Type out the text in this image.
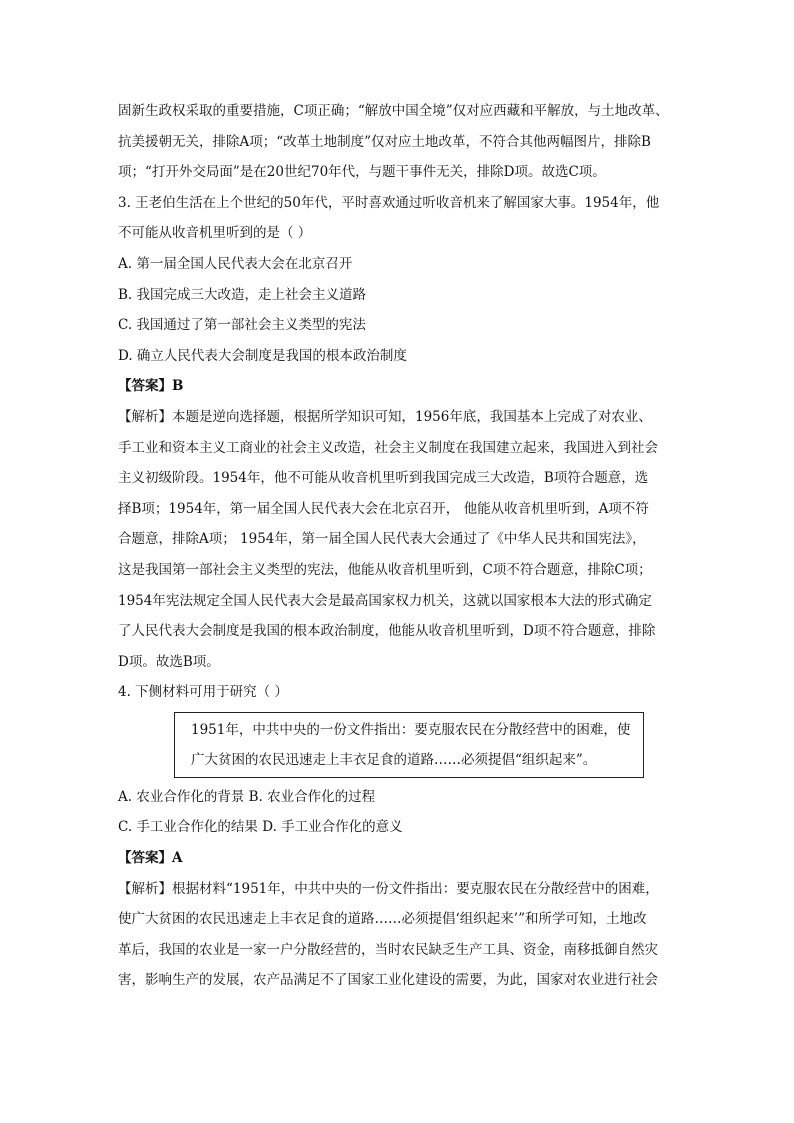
固新生政权采取的重要措施，C项正确；“解放中国全境”仅对应西藏和平解放，与土地改革、
抗美援朝无关，排除A项；“改革土地制度”仅对应土地改革，不符合其他两幅图片，排除B
项；“打开外交局面”是在20世纪70年代，与题干事件无关，排除D项。故选C项。
3. 王老伯生活在上个世纪的50年代，平时喜欢通过听收音机来了解国家大事。1954年，他
不可能从收音机里听到的是（ ）
A. 第一届全国人民代表大会在北京召开
B. 我国完成三大改造，走上社会主义道路
C. 我国通过了第一部社会主义类型的宪法
D. 确立人民代表大会制度是我国的根本政治制度
【答案】B
【解析】本题是逆向选择题，根据所学知识可知，1956年底，我国基本上完成了对农业、
手工业和资本主义工商业的社会主义改造，社会主义制度在我国建立起来，我国进入到社会
主义初级阶段。1954年，他不可能从收音机里听到我国完成三大改造，B项符合题意，选
择B项；1954年，第一届全国人民代表大会在北京召开， 他能从收音机里听到，A项不符
合题意，排除A项； 1954年，第一届全国人民代表大会通过了《中华人民共和国宪法》，
这是我国第一部社会主义类型的宪法，他能从收音机里听到，C项不符合题意，排除C项；
1954年宪法规定全国人民代表大会是最高国家权力机关，这就以国家根本大法的形式确定
了人民代表大会制度是我国的根本政治制度，他能从收音机里听到，D项不符合题意，排除
D项。故选B项。
4. 下侧材料可用于研究（ ）
1951年，中共中央的一份文件指出：要克服农民在分散经营中的困难，使
广大贫困的农民迅速走上丰衣足食的道路……必须提倡“组织起来”。
A. 农业合作化的背景 B. 农业合作化的过程
C. 手工业合作化的结果 D. 手工业合作化的意义
【答案】A
【解析】根据材料“1951年，中共中央的一份文件指出：要克服农民在分散经营中的困难，
使广大贫困的农民迅速走上丰衣足食的道路……必须提倡‘组织起来’”和所学可知，土地改
革后，我国的农业是一家一户分散经营的，当时农民缺乏生产工具、资金，南移抵御自然灾
害，影响生产的发展，农产品满足不了国家工业化建设的需要，为此，国家对农业进行社会
